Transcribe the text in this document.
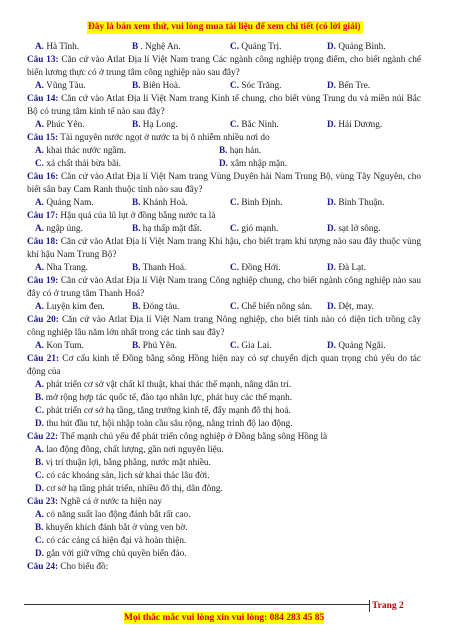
Đây là bản xem thử, vui lòng mua tài liệu để xem chi tiết (có lời giải)
A. Hà Tĩnh.	B . Nghệ An.	C. Quảng Trị.	D. Quảng Bình.
Câu 13: Căn cứ vào Atlat Địa lí Việt Nam trang Các ngành công nghiệp trọng điểm, cho biết ngành chế biến lương thực có ở trung tâm công nghiệp nào sau đây?
A. Vũng Tàu.	B. Biên Hoà.	C. Sóc Trăng.	D. Bến Tre.
Câu 14: Căn cứ vào Atlat Địa lí Việt Nam trang Kinh tế chung, cho biết vùng Trung du và miền núi Bắc Bộ có trung tâm kinh tế nào sau đây?
A. Phúc Yên.	B. Hạ Long.	C. Bắc Ninh.	D. Hải Dương.
Câu 15: Tài nguyên nước ngọt ở nước ta bị ô nhiễm nhiều nơi do
A. khai thác nước ngầm.	B. hạn hán.
C. xả chất thải bừa bãi.	D. xâm nhập mặn.
Câu 16: Căn cứ vào Atlat Địa lí Việt Nam trang Vùng Duyên hải Nam Trung Bộ, vùng Tây Nguyên, cho biết sân bay Cam Ranh thuộc tỉnh nào sau đây?
A. Quảng Nam.	B. Khánh Hoà.	C. Bình Định.	D. Bình Thuận.
Câu 17: Hậu quả của lũ lụt ở đồng bằng nước ta là
A. ngập úng.	B. hạ thấp mặt đất.	C. gió mạnh.	D. sạt lở sông.
Câu 18: Căn cứ vào Atlat Địa lí Việt Nam trang Khí hậu, cho biết trạm khí tượng nào sau đây thuộc vùng khí hậu Nam Trung Bộ?
A. Nha Trang.	B. Thanh Hoá.	C. Đồng Hới.	D. Đà Lạt.
Câu 19: Căn cứ vào Atlat Địa lí Việt Nam trang Công nghiệp chung, cho biết ngành công nghiệp nào sau đây có ở trung tâm Thanh Hoá?
A. Luyện kim đen.	B. Đóng tàu.	C. Chế biến nông sản. D. Dệt, may.
Câu 20: Căn cứ vào Atlat Địa lí Việt Nam trang Nông nghiệp, cho biết tỉnh nào có diện tích trồng cây công nghiệp lâu năm lớn nhất trong các tỉnh sau đây?
A. Kon Tum.	B. Phú Yên.	C. Gia Lai.	D. Quảng Ngãi.
Câu 21: Cơ cấu kinh tế Đồng bằng sông Hồng hiện nay có sự chuyển dịch quan trọng chủ yếu do tác động của
A. phát triển cơ sở vật chất kĩ thuật, khai thác thế mạnh, nâng dân trí.
B. mở rộng hợp tác quốc tế, đào tạo nhân lực, phát huy các thế mạnh.
C. phát triển cơ sở hạ tầng, tăng trưởng kinh tế, đẩy mạnh đô thị hoá.
D. thu hút đầu tư, hội nhập toàn cầu sâu rộng, nâng trình độ lao động.
Câu 22: Thế mạnh chủ yếu để phát triển công nghiệp ở Đồng bằng sông Hồng là
A. lao động đông, chất lượng, gần nơi nguyên liệu.
B. vị trí thuận lợi, bằng phẳng, nước mặt nhiều.
C. có các khoáng sản, lịch sử khai thác lâu đời.
D. cơ sở hạ tầng phát triển, nhiều đô thị, dân đông.
Câu 23: Nghề cá ở nước ta hiện nay
A. có năng suất lao động đánh bắt rất cao.
B. khuyến khích đánh bắt ở vùng ven bờ.
C. có các cảng cá hiện đại và hoàn thiện.
D. gắn với giữ vững chủ quyền biển đảo.
Câu 24: Cho biểu đồ:
Trang 2
Mọi thắc mắc vui lòng xin vui lòng: 084 283 45 85
